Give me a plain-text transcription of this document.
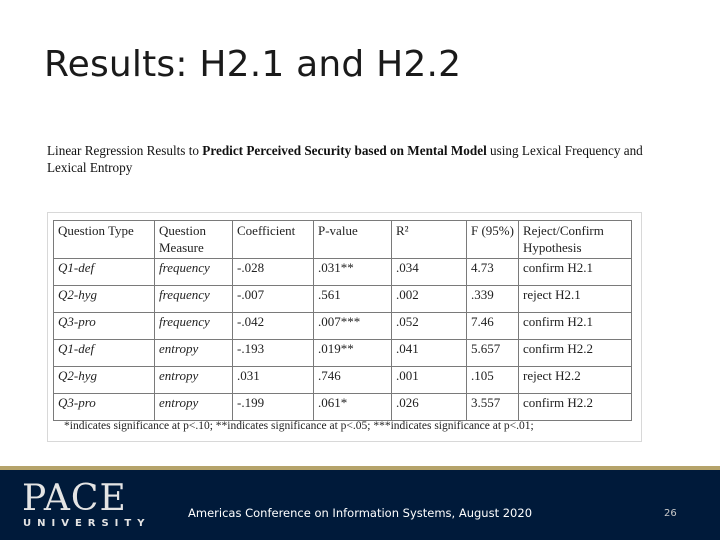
Results: H2.1 and H2.2
Linear Regression Results to Predict Perceived Security based on Mental Model using Lexical Frequency and Lexical Entropy
Question Type	Question Measure	Coefficient	P-value	R²	F (95%)	Reject/Confirm Hypothesis
Q1-def	frequency	-.028	.031**	.034	4.73	confirm H2.1
Q2-hyg	frequency	-.007	.561	.002	.339	reject H2.1
Q3-pro	frequency	-.042	.007***	.052	7.46	confirm H2.1
Q1-def	entropy	-.193	.019**	.041	5.657	confirm H2.2
Q2-hyg	entropy	.031	.746	.001	.105	reject H2.2
Q3-pro	entropy	-.199	.061*	.026	3.557	confirm H2.2
*indicates significance at p<.10; **indicates significance at p<.05; ***indicates significance at p<.01;
PACE
UNIVERSITY
Americas Conference on Information Systems, August 2020	26
